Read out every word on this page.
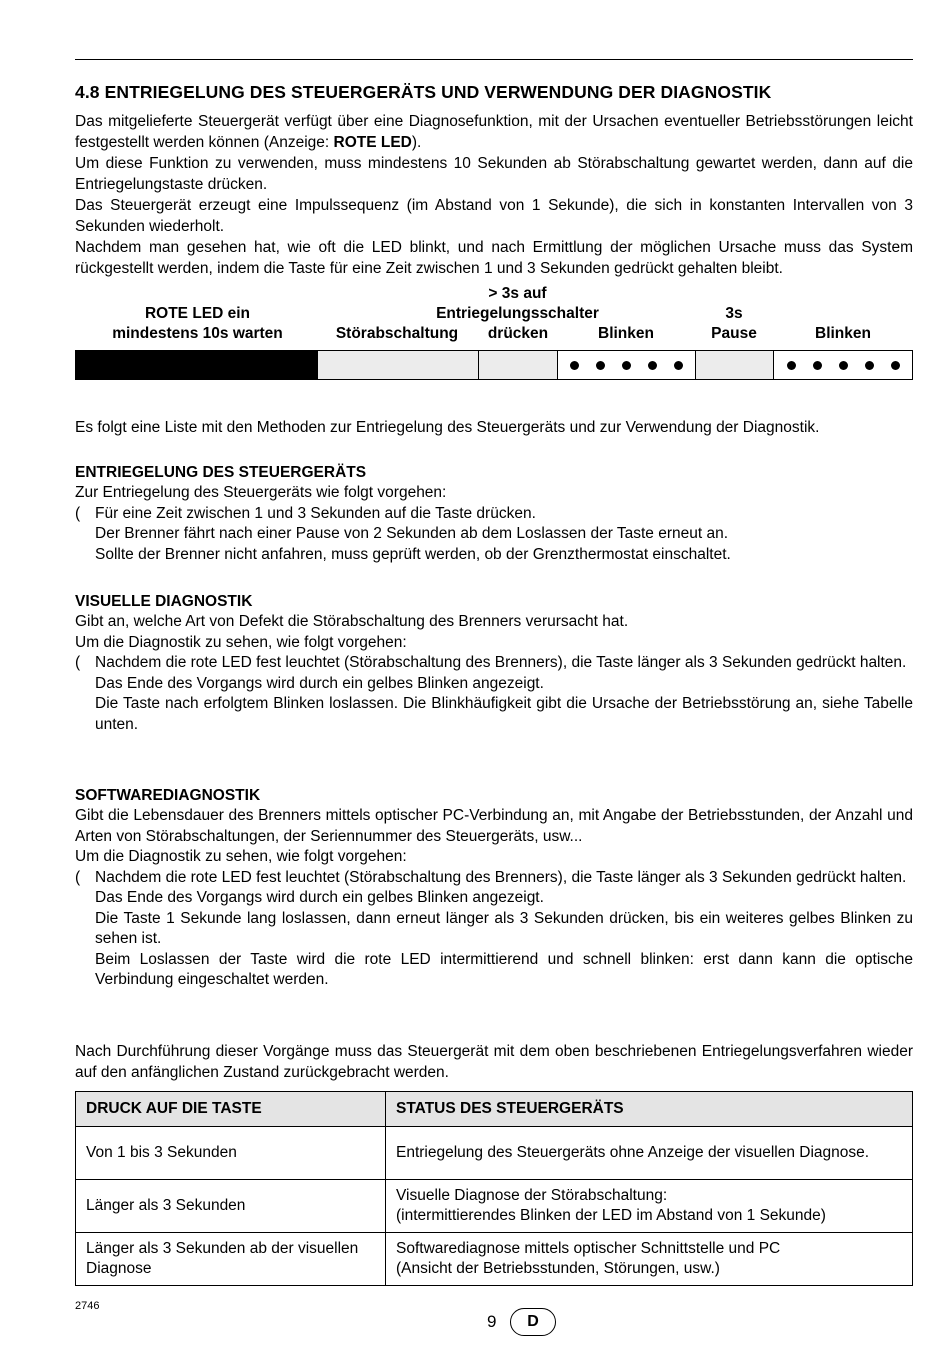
4.8 ENTRIEGELUNG DES STEUERGERÄTS UND VERWENDUNG DER DIAGNOSTIK

Das mitgelieferte Steuergerät verfügt über eine Diagnosefunktion, mit der Ursachen eventueller Betriebsstörungen leicht festgestellt werden können (Anzeige: ROTE LED).

Um diese Funktion zu verwenden, muss mindestens 10 Sekunden ab Störabschaltung gewartet werden, dann auf die Entriegelungstaste drücken.

Das Steuergerät erzeugt eine Impulssequenz (im Abstand von 1 Sekunde), die sich in konstanten Intervallen von 3 Sekunden wiederholt.

Nachdem man gesehen hat, wie oft die LED blinkt, und nach Ermittlung der möglichen Ursache muss das System rückgestellt werden, indem die Taste für eine Zeit zwischen 1 und 3 Sekunden gedrückt gehalten bleibt.

ROTE LED ein
mindestens 10s warten	Störabschaltung
> 3s auf
Entriegelungsschalter
drücken	Blinken
3s
Pause	Blinken

Es folgt eine Liste mit den Methoden zur Entriegelung des Steuergeräts und zur Verwendung der Diagnostik.

ENTRIEGELUNG DES STEUERGERÄTS

Zur Entriegelung des Steuergeräts wie folgt vorgehen:

( Für eine Zeit zwischen 1 und 3 Sekunden auf die Taste drücken.

Der Brenner fährt nach einer Pause von 2 Sekunden ab dem Loslassen der Taste erneut an.

Sollte der Brenner nicht anfahren, muss geprüft werden, ob der Grenzthermostat einschaltet.

VISUELLE DIAGNOSTIK

Gibt an, welche Art von Defekt die Störabschaltung des Brenners verursacht hat.

Um die Diagnostik zu sehen, wie folgt vorgehen:

( Nachdem die rote LED fest leuchtet (Störabschaltung des Brenners), die Taste länger als 3 Sekunden gedrückt halten.

Das Ende des Vorgangs wird durch ein gelbes Blinken angezeigt.

Die Taste nach erfolgtem Blinken loslassen. Die Blinkhäufigkeit gibt die Ursache der Betriebsstörung an, siehe Tabelle unten.

SOFTWAREDIAGNOSTIK

Gibt die Lebensdauer des Brenners mittels optischer PC-Verbindung an, mit Angabe der Betriebsstunden, der Anzahl und Arten von Störabschaltungen, der Seriennummer des Steuergeräts, usw...

Um die Diagnostik zu sehen, wie folgt vorgehen:

( Nachdem die rote LED fest leuchtet (Störabschaltung des Brenners), die Taste länger als 3 Sekunden gedrückt halten.

Das Ende des Vorgangs wird durch ein gelbes Blinken angezeigt.

Die Taste 1 Sekunde lang loslassen, dann erneut länger als 3 Sekunden drücken, bis ein weiteres gelbes Blinken zu sehen ist.

Beim Loslassen der Taste wird die rote LED intermittierend und schnell blinken: erst dann kann die optische Verbindung eingeschaltet werden.

Nach Durchführung dieser Vorgänge muss das Steuergerät mit dem oben beschriebenen Entriegelungsverfahren wieder auf den anfänglichen Zustand zurückgebracht werden.

DRUCK AUF DIE TASTE	STATUS DES STEUERGERÄTS
Von 1 bis 3 Sekunden	Entriegelung des Steuergeräts ohne Anzeige der visuellen Diagnose.

Länger als 3 Sekunden	Visuelle Diagnose der Störabschaltung:
(intermittierendes Blinken der LED im Abstand von 1 Sekunde)

Länger als 3 Sekunden ab der visuellen Diagnose	Softwarediagnose mittels optischer Schnittstelle und PC
(Ansicht der Betriebsstunden, Störungen, usw.)
2746
9	D
